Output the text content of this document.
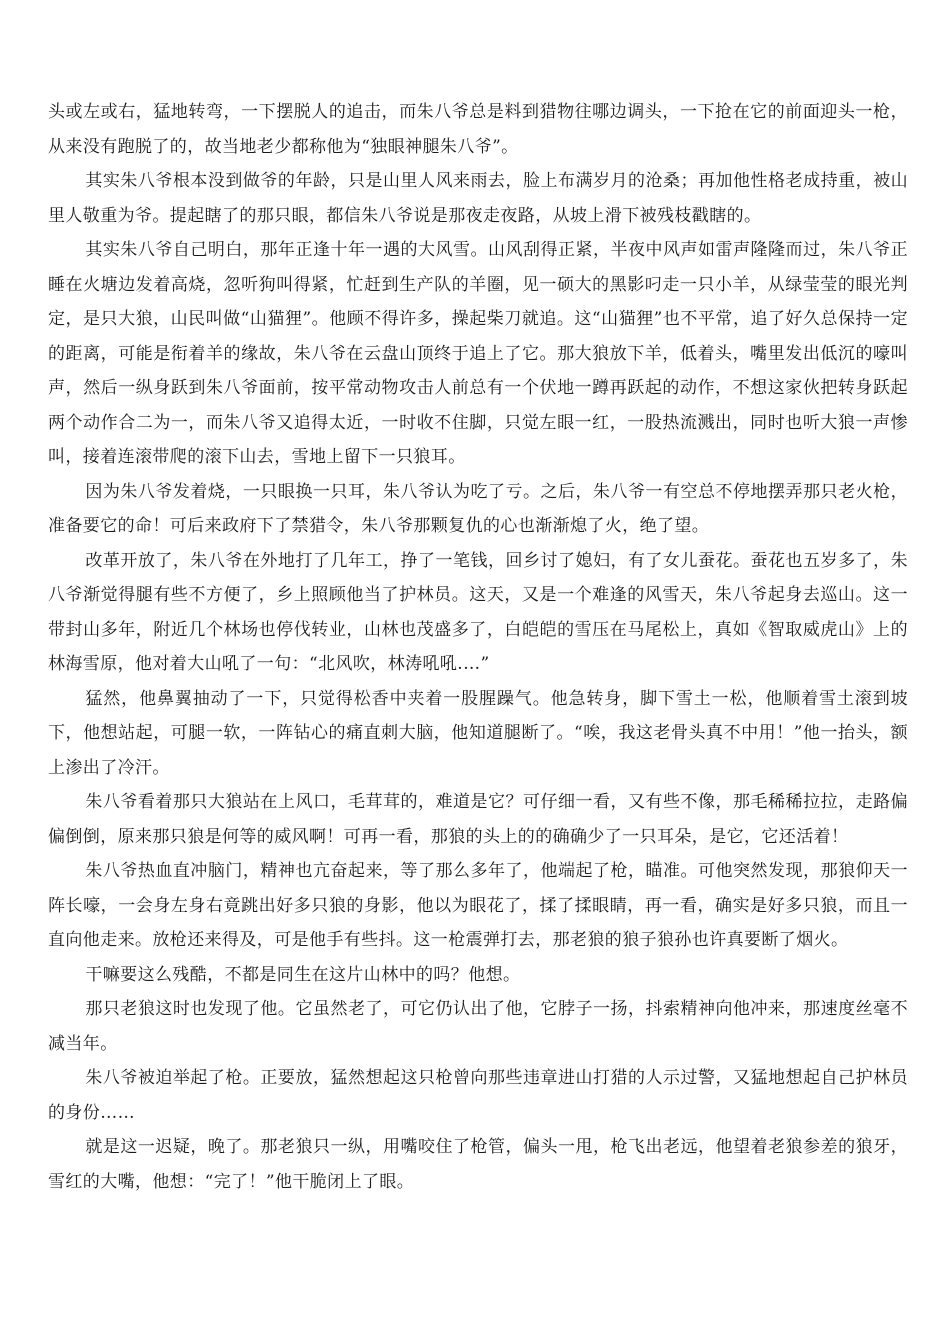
头或左或右，猛地转弯，一下摆脱人的追击，而朱八爷总是料到猎物往哪边调头，一下抢在它的前面迎头一枪，从来没有跑脱了的，故当地老少都称他为“独眼神腿朱八爷”。

其实朱八爷根本没到做爷的年龄，只是山里人风来雨去，脸上布满岁月的沧桑；再加他性格老成持重，被山里人敬重为爷。提起瞎了的那只眼，都信朱八爷说是那夜走夜路，从坡上滑下被残枝戳瞎的。

其实朱八爷自己明白，那年正逢十年一遇的大风雪。山风刮得正紧，半夜中风声如雷声隆隆而过，朱八爷正睡在火塘边发着高烧，忽听狗叫得紧，忙赶到生产队的羊圈，见一硕大的黑影叼走一只小羊，从绿莹莹的眼光判定，是只大狼，山民叫做“山猫狸”。他顾不得许多，操起柴刀就追。这“山猫狸”也不平常，追了好久总保持一定的距离，可能是衔着羊的缘故，朱八爷在云盘山顶终于追上了它。那大狼放下羊，低着头，嘴里发出低沉的嚎叫声，然后一纵身跃到朱八爷面前，按平常动物攻击人前总有一个伏地一蹲再跃起的动作，不想这家伙把转身跃起两个动作合二为一，而朱八爷又追得太近，一时收不住脚，只觉左眼一红，一股热流溅出，同时也听大狼一声惨叫，接着连滚带爬的滚下山去，雪地上留下一只狼耳。

因为朱八爷发着烧，一只眼换一只耳，朱八爷认为吃了亏。之后，朱八爷一有空总不停地摆弄那只老火枪，准备要它的命！可后来政府下了禁猎令，朱八爷那颗复仇的心也渐渐熄了火，绝了望。

改革开放了，朱八爷在外地打了几年工，挣了一笔钱，回乡讨了媳妇，有了女儿蚕花。蚕花也五岁多了，朱八爷渐觉得腿有些不方便了，乡上照顾他当了护林员。这天，又是一个难逢的风雪天，朱八爷起身去巡山。这一带封山多年，附近几个林场也停伐转业，山林也茂盛多了，白皑皑的雪压在马尾松上，真如《智取威虎山》上的林海雪原，他对着大山吼了一句：“北风吹，林涛吼吼.…”

猛然，他鼻翼抽动了一下，只觉得松香中夹着一股腥躁气。他急转身，脚下雪土一松，他顺着雪土滚到坡下，他想站起，可腿一软，一阵钻心的痛直刺大脑，他知道腿断了。“唉，我这老骨头真不中用！”他一抬头，额上渗出了冷汗。

朱八爷看着那只大狼站在上风口，毛茸茸的，难道是它？可仔细一看，又有些不像，那毛稀稀拉拉，走路偏偏倒倒，原来那只狼是何等的威风啊！可再一看，那狼的头上的的确确少了一只耳朵，是它，它还活着！

朱八爷热血直冲脑门，精神也亢奋起来，等了那么多年了，他端起了枪，瞄准。可他突然发现，那狼仰天一阵长嚎，一会身左身右竟跳出好多只狼的身影，他以为眼花了，揉了揉眼睛，再一看，确实是好多只狼，而且一直向他走来。放枪还来得及，可是他手有些抖。这一枪震弹打去，那老狼的狼子狼孙也许真要断了烟火。

干嘛要这么残酷，不都是同生在这片山林中的吗？他想。

那只老狼这时也发现了他。它虽然老了，可它仍认出了他，它脖子一扬，抖索精神向他冲来，那速度丝毫不减当年。

朱八爷被迫举起了枪。正要放，猛然想起这只枪曾向那些违章进山打猎的人示过警，又猛地想起自己护林员的身份……

就是这一迟疑，晚了。那老狼只一纵，用嘴咬住了枪管，偏头一甩，枪飞出老远，他望着老狼参差的狼牙，雪红的大嘴，他想：“完了！”他干脆闭上了眼。
